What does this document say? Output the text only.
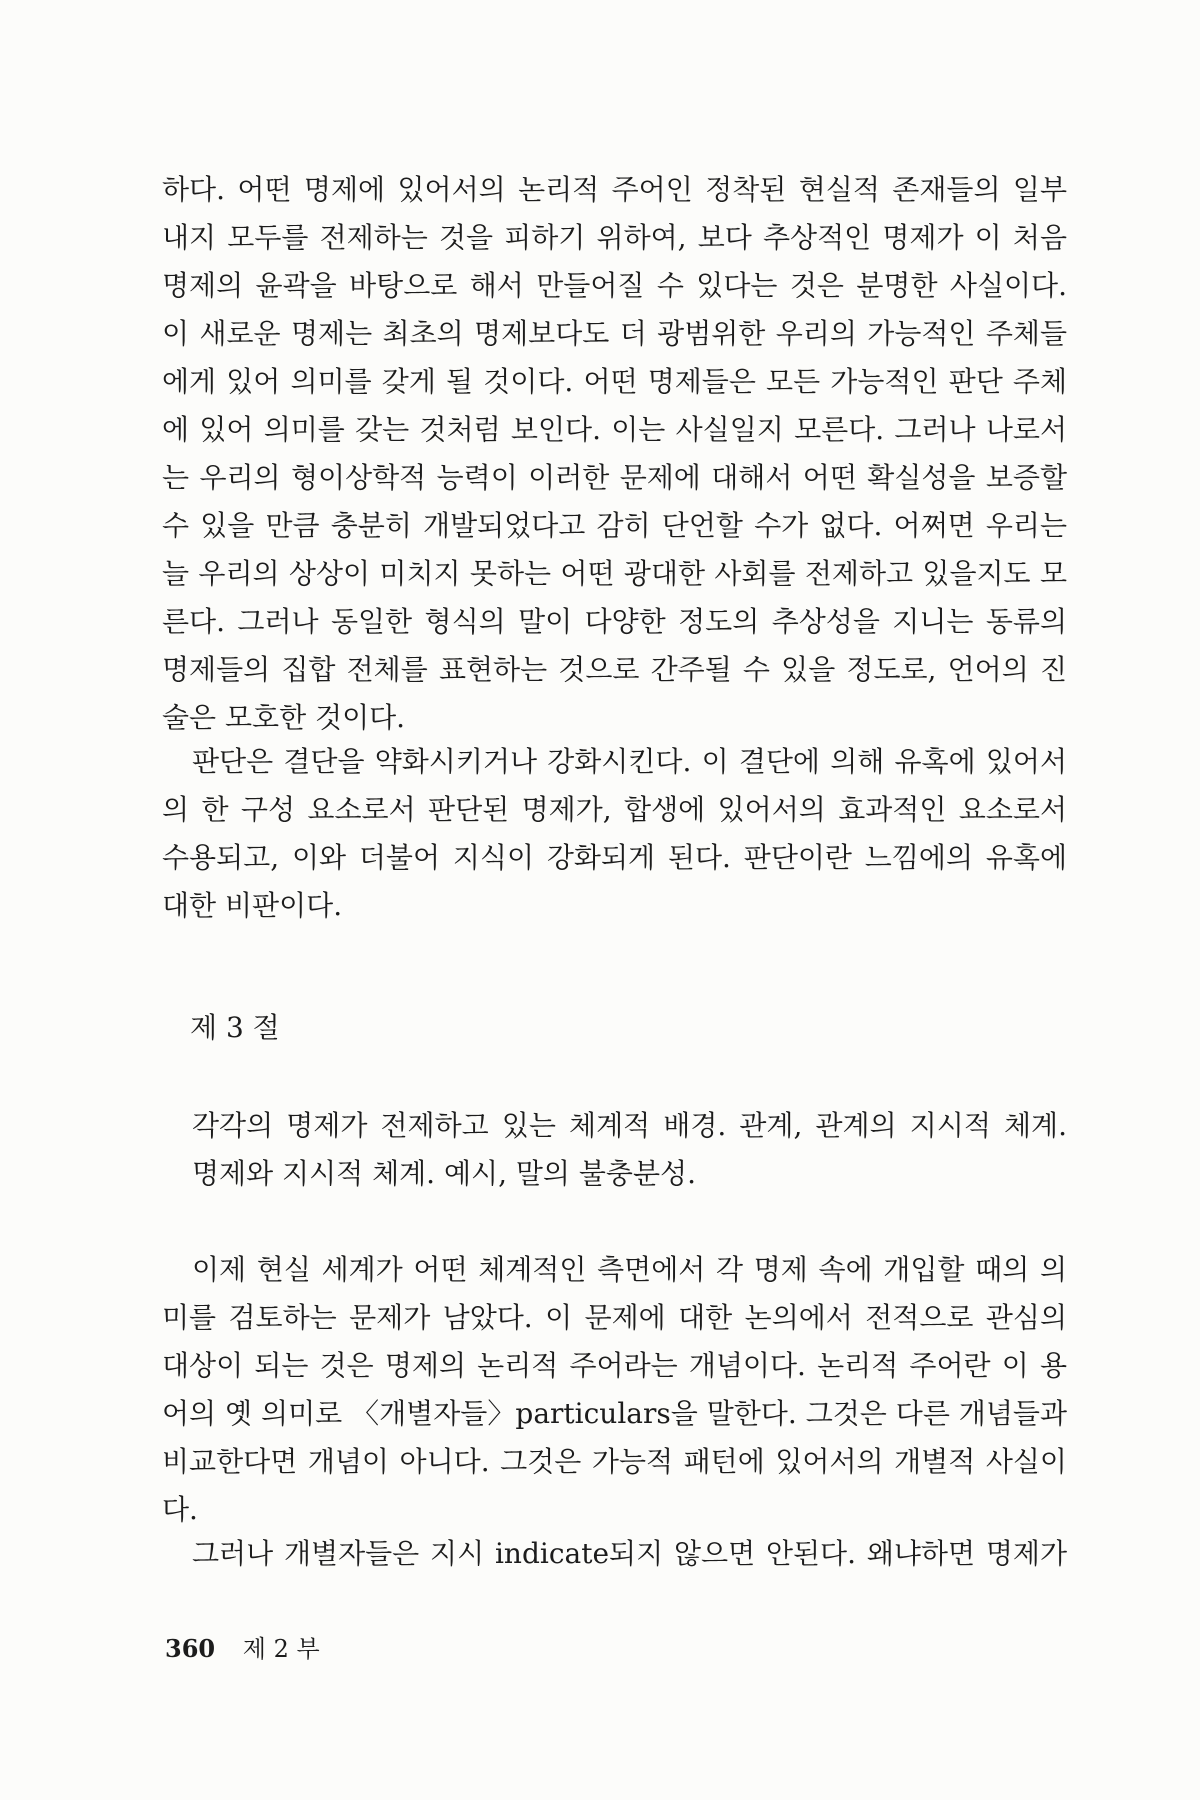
하다. 어떤 명제에 있어서의 논리적 주어인 정착된 현실적 존재들의 일부
내지 모두를 전제하는 것을 피하기 위하여, 보다 추상적인 명제가 이 처음
명제의 윤곽을 바탕으로 해서 만들어질 수 있다는 것은 분명한 사실이다.
이 새로운 명제는 최초의 명제보다도 더 광범위한 우리의 가능적인 주체들
에게 있어 의미를 갖게 될 것이다. 어떤 명제들은 모든 가능적인 판단 주체
에 있어 의미를 갖는 것처럼 보인다. 이는 사실일지 모른다. 그러나 나로서
는 우리의 형이상학적 능력이 이러한 문제에 대해서 어떤 확실성을 보증할
수 있을 만큼 충분히 개발되었다고 감히 단언할 수가 없다. 어쩌면 우리는
늘 우리의 상상이 미치지 못하는 어떤 광대한 사회를 전제하고 있을지도 모
른다. 그러나 동일한 형식의 말이 다양한 정도의 추상성을 지니는 동류의
명제들의 집합 전체를 표현하는 것으로 간주될 수 있을 정도로, 언어의 진
술은 모호한 것이다.
판단은 결단을 약화시키거나 강화시킨다. 이 결단에 의해 유혹에 있어서
의 한 구성 요소로서 판단된 명제가, 합생에 있어서의 효과적인 요소로서
수용되고, 이와 더불어 지식이 강화되게 된다. 판단이란 느낌에의 유혹에
대한 비판이다.
제 3 절
각각의 명제가 전제하고 있는 체계적 배경. 관계, 관계의 지시적 체계.
명제와 지시적 체계. 예시, 말의 불충분성.
이제 현실 세계가 어떤 체계적인 측면에서 각 명제 속에 개입할 때의 의
미를 검토하는 문제가 남았다. 이 문제에 대한 논의에서 전적으로 관심의
대상이 되는 것은 명제의 논리적 주어라는 개념이다. 논리적 주어란 이 용
어의 옛 의미로 〈개별자들〉particulars을 말한다. 그것은 다른 개념들과
비교한다면 개념이 아니다. 그것은 가능적 패턴에 있어서의 개별적 사실이
다.
그러나 개별자들은 지시 indicate되지 않으면 안된다. 왜냐하면 명제가
360 제 2 부
